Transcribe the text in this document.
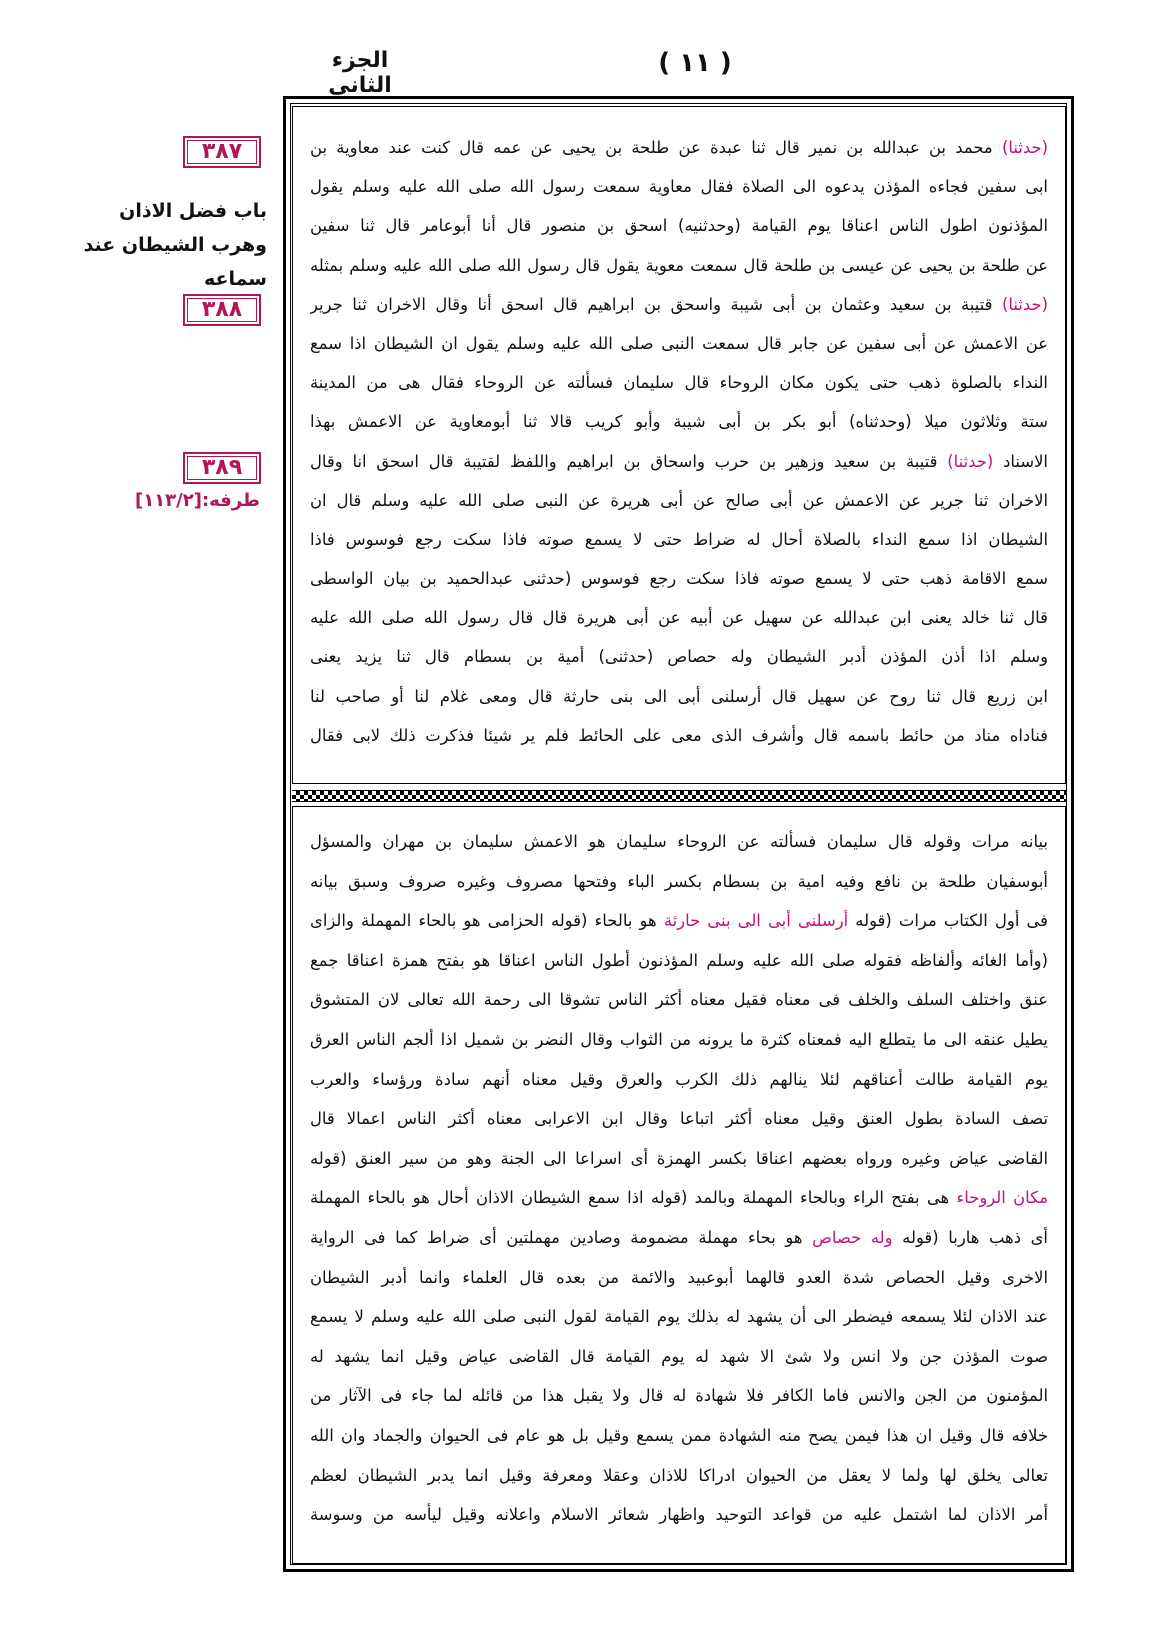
( ١١ )
الجزء الثانى
٣٨٧
باب فضل الاذان وهرب الشيطان عند سماعه
٣٨٨
٣٨٩
طرفه:[١١٣/٢]
(حدثنا) محمد بن عبدالله بن نمير قال ثنا عبدة عن طلحة بن يحيى عن عمه قال كنت عند معاوية بن
ابى سفين فجاءه المؤذن يدعوه الى الصلاة فقال معاوية سمعت رسول الله صلى الله عليه وسلم يقول
المؤذنون اطول الناس اعناقا يوم القيامة (وحدثنيه) اسحق بن منصور قال أنا أبوعامر قال ثنا سفين
عن طلحة بن يحيى عن عيسى بن طلحة قال سمعت معوية يقول قال رسول الله صلى الله عليه وسلم بمثله
(حدثنا) قتيبة بن سعيد وعثمان بن أبى شيبة واسحق بن ابراهيم قال اسحق أنا وقال الاخران ثنا جرير
عن الاعمش عن أبى سفين عن جابر قال سمعت النبى صلى الله عليه وسلم يقول ان الشيطان اذا سمع
النداء بالصلوة ذهب حتى يكون مكان الروحاء قال سليمان فسألته عن الروحاء فقال هى من المدينة
ستة وثلاثون ميلا (وحدثناه) أبو بكر بن أبى شيبة وأبو كريب قالا ثنا أبومعاوية عن الاعمش بهذا
الاسناد (حدثنا) قتيبة بن سعيد وزهير بن حرب واسحاق بن ابراهيم واللفظ لقتيبة قال اسحق انا وقال
الاخران ثنا جرير عن الاعمش عن أبى صالح عن أبى هريرة عن النبى صلى الله عليه وسلم قال ان
الشيطان اذا سمع النداء بالصلاة أحال له ضراط حتى لا يسمع صوته فاذا سكت رجع فوسوس فاذا
سمع الاقامة ذهب حتى لا يسمع صوته فاذا سكت رجع فوسوس (حدثنى عبدالحميد بن بيان الواسطى
قال ثنا خالد يعنى ابن عبدالله عن سهيل عن أبيه عن أبى هريرة قال قال رسول الله صلى الله عليه
وسلم اذا أذن المؤذن أدبر الشيطان وله حصاص (حدثنى) أمية بن بسطام قال ثنا يزيد يعنى
ابن زريع قال ثنا روح عن سهيل قال أرسلنى أبى الى بنى حارثة قال ومعى غلام لنا أو صاحب لنا
فناداه مناد من حائط باسمه قال وأشرف الذى معى على الحائط فلم ير شيئا فذكرت ذلك لابى فقال
بيانه مرات وقوله قال سليمان فسألته عن الروحاء سليمان هو الاعمش سليمان بن مهران والمسؤل
أبوسفيان طلحة بن نافع وفيه امية بن بسطام بكسر الباء وفتحها مصروف وغيره صروف وسبق بيانه
فى أول الكتاب مرات (قوله أرسلنى أبى الى بنى حارثة هو بالحاء (قوله الحزامى هو بالحاء المهملة والزاى
(وأما الغائه وألفاظه فقوله صلى الله عليه وسلم المؤذنون أطول الناس اعناقا هو بفتح همزة اعناقا جمع
عنق واختلف السلف والخلف فى معناه فقيل معناه أكثر الناس تشوقا الى رحمة الله تعالى لان المتشوق
يطيل عنقه الى ما يتطلع اليه فمعناه كثرة ما يرونه من الثواب وقال النضر بن شميل اذا ألجم الناس العرق
يوم القيامة طالت أعناقهم لئلا ينالهم ذلك الكرب والعرق وقيل معناه أنهم سادة ورؤساء والعرب
تصف السادة بطول العنق وقيل معناه أكثر اتباعا وقال ابن الاعرابى معناه أكثر الناس اعمالا قال
القاضى عياض وغيره ورواه بعضهم اعناقا بكسر الهمزة أى اسراعا الى الجنة وهو من سير العنق (قوله
مكان الروحاء هى بفتح الراء وبالحاء المهملة وبالمد (قوله اذا سمع الشيطان الاذان أحال هو بالحاء المهملة
أى ذهب هاربا (قوله وله حصاص هو بحاء مهملة مضمومة وصادين مهملتين أى ضراط كما فى الرواية
الاخرى وقيل الحصاص شدة العدو قالهما أبوعبيد والائمة من بعده قال العلماء وانما أدبر الشيطان
عند الاذان لئلا يسمعه فيضطر الى أن يشهد له بذلك يوم القيامة لقول النبى صلى الله عليه وسلم لا يسمع
صوت المؤذن جن ولا انس ولا شئ الا شهد له يوم القيامة قال القاضى عياض وقيل انما يشهد له
المؤمنون من الجن والانس فاما الكافر فلا شهادة له قال ولا يقبل هذا من قائله لما جاء فى الآثار من
خلافه قال وقيل ان هذا فيمن يصح منه الشهادة ممن يسمع وقيل بل هو عام فى الحيوان والجماد وان الله
تعالى يخلق لها ولما لا يعقل من الحيوان ادراكا للاذان وعقلا ومعرفة وقيل انما يدبر الشيطان لعظم
أمر الاذان لما اشتمل عليه من قواعد التوحيد واظهار شعائر الاسلام واعلانه وقيل ليأسه من وسوسة
